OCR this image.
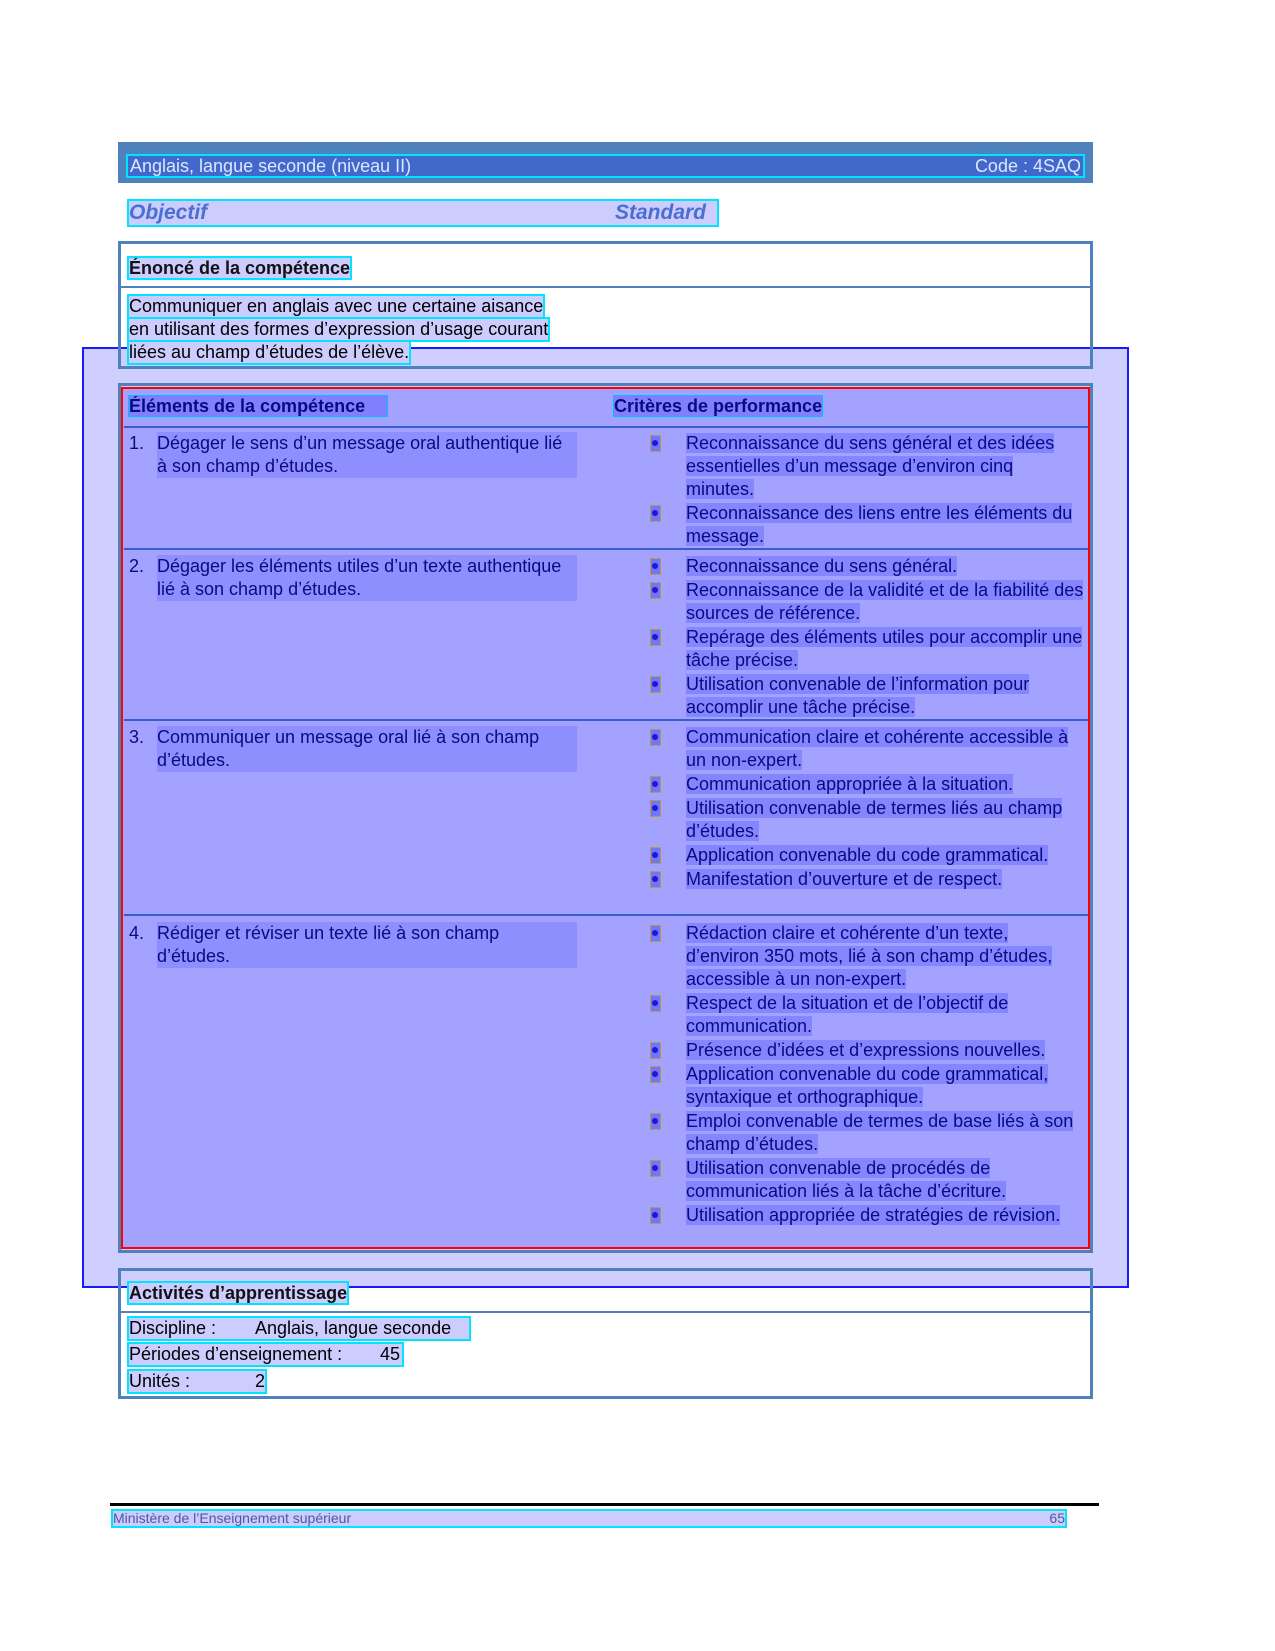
Anglais, langue seconde (niveau II)	Code : 4SAQ
Objectif	Standard
Énoncé de la compétence
Communiquer en anglais avec une certaine aisance
en utilisant des formes d’expression d’usage courant
liées au champ d’études de l’élève.
Éléments de la compétence	Critères de performance
1. Dégager le sens d’un message oral authentique lié à son champ d’études.
Reconnaissance du sens général et des idées essentielles d’un message d’environ cinq minutes.
Reconnaissance des liens entre les éléments du message.
2. Dégager les éléments utiles d’un texte authentique lié à son champ d’études.
Reconnaissance du sens général.
Reconnaissance de la validité et de la fiabilité des sources de référence.
Repérage des éléments utiles pour accomplir une tâche précise.
Utilisation convenable de l’information pour accomplir une tâche précise.
3. Communiquer un message oral lié à son champ d’études.
Communication claire et cohérente accessible à un non-expert.
Communication appropriée à la situation.
Utilisation convenable de termes liés au champ d’études.
Application convenable du code grammatical.
Manifestation d’ouverture et de respect.
4. Rédiger et réviser un texte lié à son champ d’études.
Rédaction claire et cohérente d’un texte, d’environ 350 mots, lié à son champ d’études, accessible à un non-expert.
Respect de la situation et de l’objectif de communication.
Présence d’idées et d’expressions nouvelles.
Application convenable du code grammatical, syntaxique et orthographique.
Emploi convenable de termes de base liés à son champ d’études.
Utilisation convenable de procédés de communication liés à la tâche d’écriture.
Utilisation appropriée de stratégies de révision.
Activités d’apprentissage
Discipline : Anglais, langue seconde
Périodes d’enseignement : 45
Unités :	2
Ministère de l’Enseignement supérieur	65
